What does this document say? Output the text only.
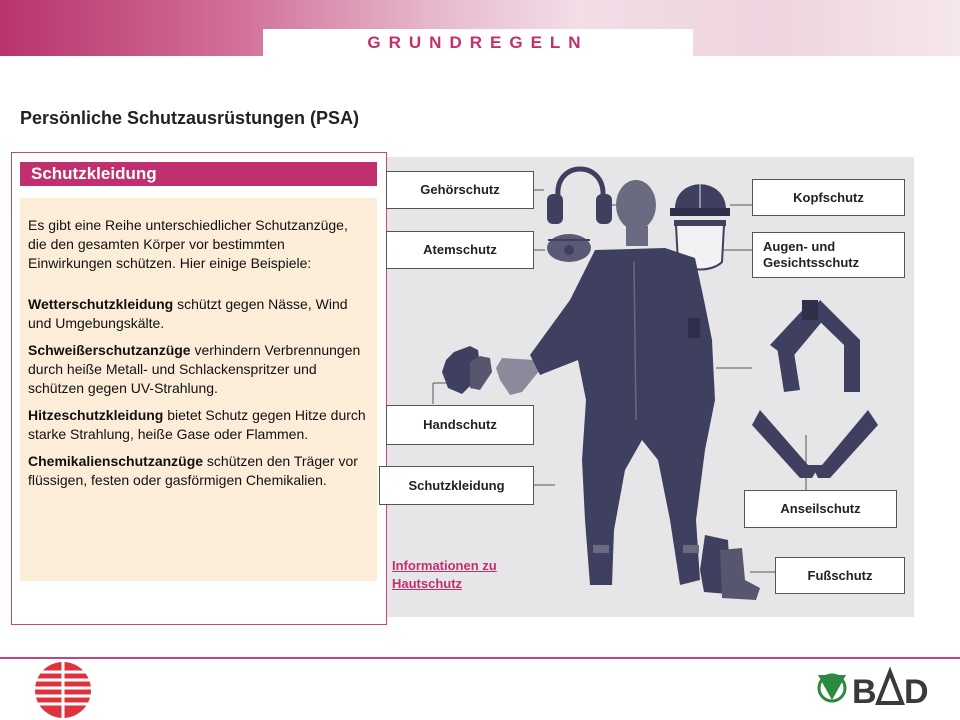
GRUNDREGELN
Persönliche Schutzausrüstungen (PSA)
Schutzkleidung

Es gibt eine Reihe unterschiedlicher Schutzanzüge, die den gesamten Körper vor bestimmten Einwirkungen schützen. Hier einige Beispiele:

Wetterschutzkleidung schützt gegen Nässe, Wind und Umgebungskälte.

Schweißerschutzanzüge verhindern Verbrennungen durch heiße Metall- und Schlackenspritzer und schützen gegen UV-Strahlung.

Hitzeschutzkleidung bietet Schutz gegen Hitze durch starke Strahlung, heiße Gase oder Flammen.

Chemikalienschutzanzüge schützen den Träger vor flüssigen, festen oder gasförmigen Chemikalien.

Gehörschutz
Atemschutz
Handschutz
Schutzkleidung
Kopfschutz
Augen- und Gesichtsschutz
Anseilschutz
Fußschutz
Informationen zu Hautschutz
B D
